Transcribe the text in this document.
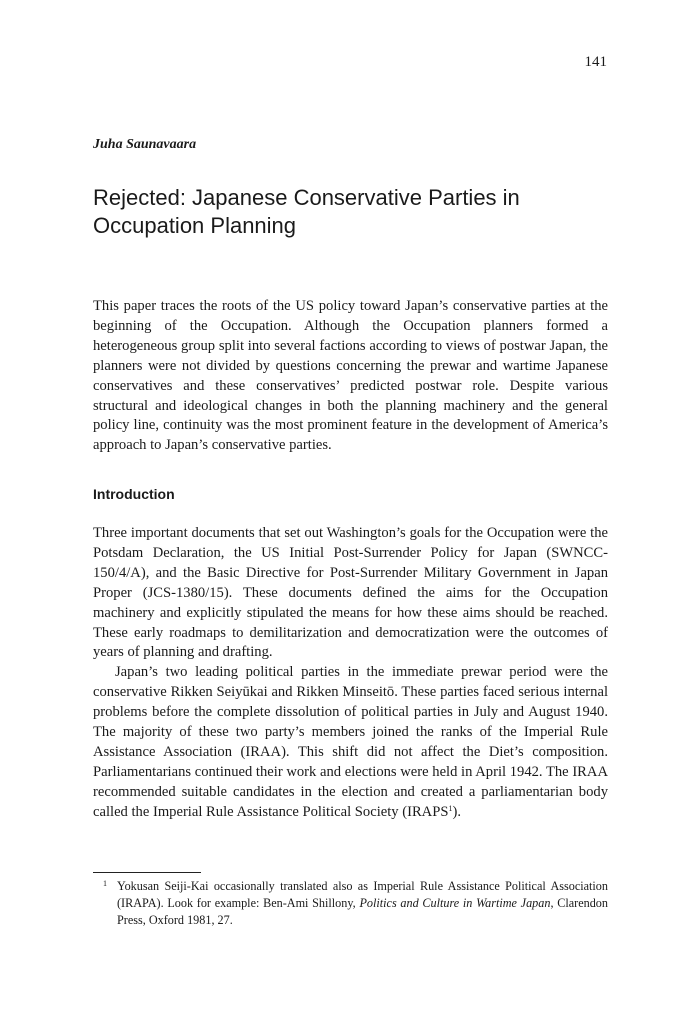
141
Juha Saunavaara
Rejected: Japanese Conservative Parties in Occupation Planning

This paper traces the roots of the US policy toward Japan’s conservative parties at the beginning of the Occupation. Although the Occupation planners formed a heterogeneous group split into several factions according to views of postwar Japan, the planners were not divided by questions concerning the prewar and wartime Japanese conservatives and these conservatives’ predicted postwar role. Despite various structural and ideological changes in both the planning machinery and the general policy line, continuity was the most prominent feature in the development of America’s approach to Japan’s conservative parties.

Introduction

Three important documents that set out Washington’s goals for the Occupation were the Potsdam Declaration, the US Initial Post-Surrender Policy for Japan (SWNCC-150/4/A), and the Basic Directive for Post-Surrender Military Government in Japan Proper (JCS-1380/15). These documents defined the aims for the Occupation machinery and explicitly stipulated the means for how these aims should be reached. These early roadmaps to demilitarization and democratization were the outcomes of years of planning and drafting.

Japan’s two leading political parties in the immediate prewar period were the conservative Rikken Seiyūkai and Rikken Minseitō. These parties faced serious internal problems before the complete dissolution of political parties in July and August 1940. The majority of these two party’s members joined the ranks of the Imperial Rule Assistance Association (IRAA). This shift did not affect the Diet’s composition. Parliamentarians continued their work and elections were held in April 1942. The IRAA recommended suitable candidates in the election and created a parliamentarian body called the Imperial Rule Assistance Political Society (IRAPS$^1$).

1 Yokusan Seiji-Kai occasionally translated also as Imperial Rule Assistance Political Association (IRAPA). Look for example: Ben-Ami Shillony, Politics and Culture in Wartime Japan, Clarendon Press, Oxford 1981, 27.
